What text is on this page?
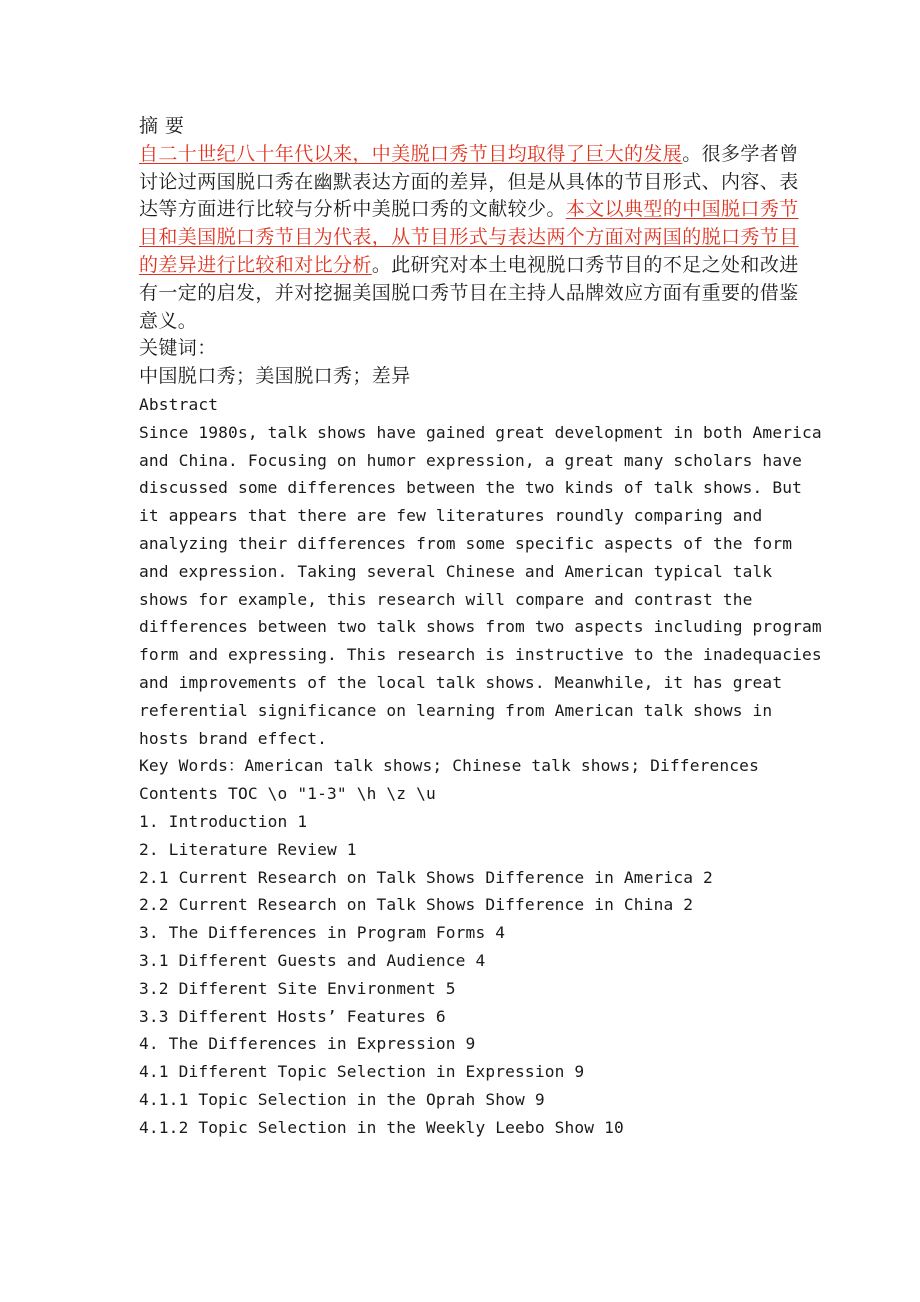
摘 要
自二十世纪八十年代以来，中美脱口秀节目均取得了巨大的发展。很多学者曾
讨论过两国脱口秀在幽默表达方面的差异，但是从具体的节目形式、内容、表
达等方面进行比较与分析中美脱口秀的文献较少。本文以典型的中国脱口秀节
目和美国脱口秀节目为代表，从节目形式与表达两个方面对两国的脱口秀节目
的差异进行比较和对比分析。此研究对本土电视脱口秀节目的不足之处和改进
有一定的启发，并对挖掘美国脱口秀节目在主持人品牌效应方面有重要的借鉴
意义。
关键词：
中国脱口秀；美国脱口秀；差异
Abstract
Since 1980s, talk shows have gained great development in both America
and China. Focusing on humor expression, a great many scholars have
discussed some differences between the two kinds of talk shows. But
it appears that there are few literatures roundly comparing and
analyzing their differences from some specific aspects of the form
and expression. Taking several Chinese and American typical talk
shows for example, this research will compare and contrast the
differences between two talk shows from two aspects including program
form and expressing. This research is instructive to the inadequacies
and improvements of the local talk shows. Meanwhile, it has great
referential significance on learning from American talk shows in
hosts brand effect.
Key Words：American talk shows; Chinese talk shows; Differences
Contents TOC \o "1-3" \h \z \u
1. Introduction 1
2. Literature Review 1
2.1 Current Research on Talk Shows Difference in America 2
2.2 Current Research on Talk Shows Difference in China 2
3. The Differences in Program Forms 4
3.1 Different Guests and Audience 4
3.2 Different Site Environment 5
3.3 Different Hosts’ Features 6
4. The Differences in Expression 9
4.1 Different Topic Selection in Expression 9
4.1.1 Topic Selection in the Oprah Show 9
4.1.2 Topic Selection in the Weekly Leebo Show 10
